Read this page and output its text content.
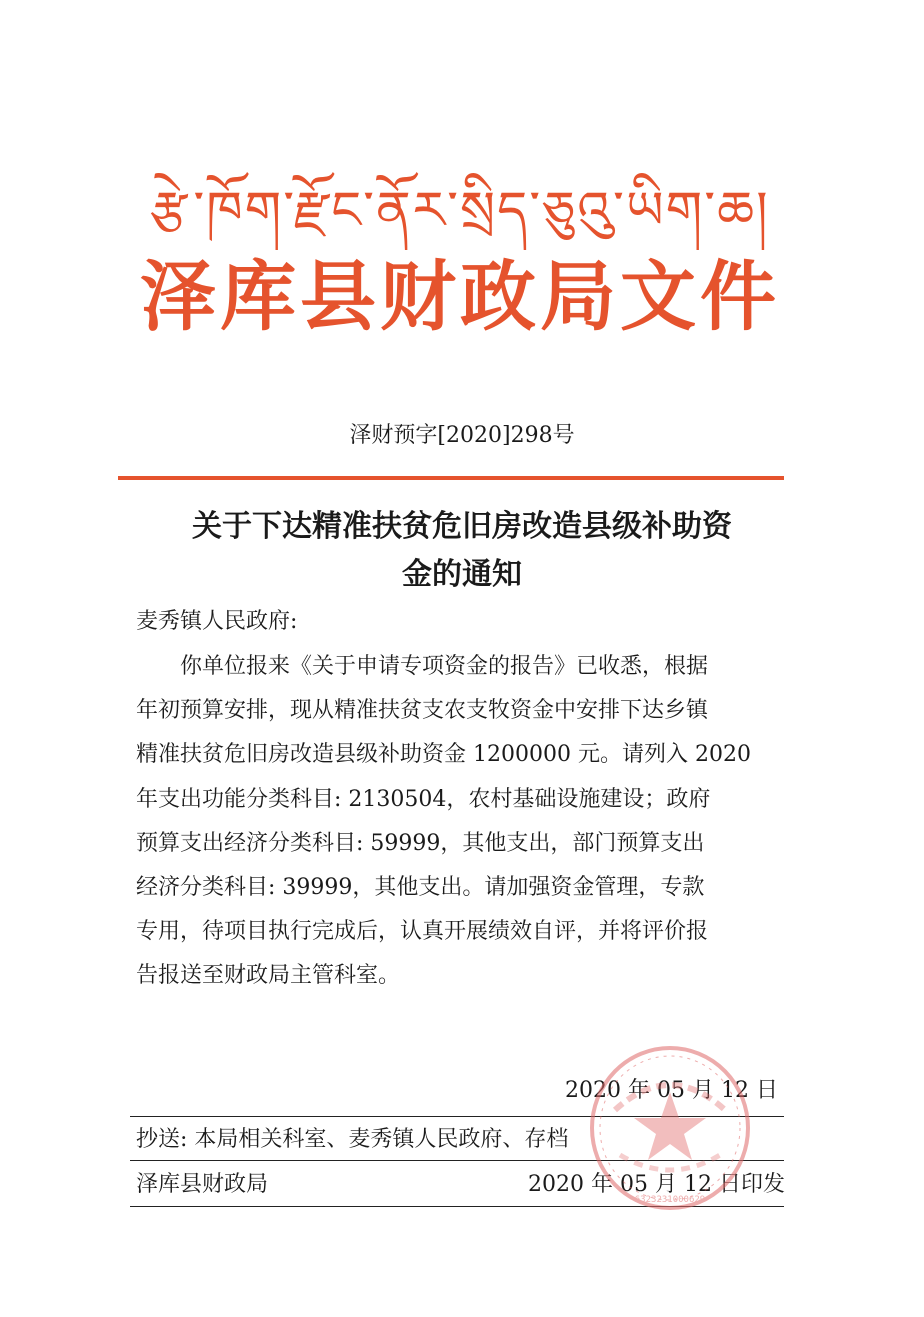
རྩེ་ཁོག་རྫོང་ནོར་སྲིད་ཅུའུ་ཡིག་ཆ།
泽库县财政局文件
泽财预字[2020]298号
关于下达精准扶贫危旧房改造县级补助资
金的通知
麦秀镇人民政府:
　　你单位报来《关于申请专项资金的报告》已收悉，根据
年初预算安排，现从精准扶贫支农支牧资金中安排下达乡镇
精准扶贫危旧房改造县级补助资金 1200000 元。请列入 2020
年支出功能分类科目: 2130504，农村基础设施建设；政府
预算支出经济分类科目: 59999，其他支出，部门预算支出
经济分类科目: 39999，其他支出。请加强资金管理，专款
专用，待项目执行完成后，认真开展绩效自评，并将评价报
告报送至财政局主管科室。
2020 年 05 月 12 日
抄送: 本局相关科室、麦秀镇人民政府、存档
泽库县财政局	2020 年 05 月 12 日印发
6323231000629
